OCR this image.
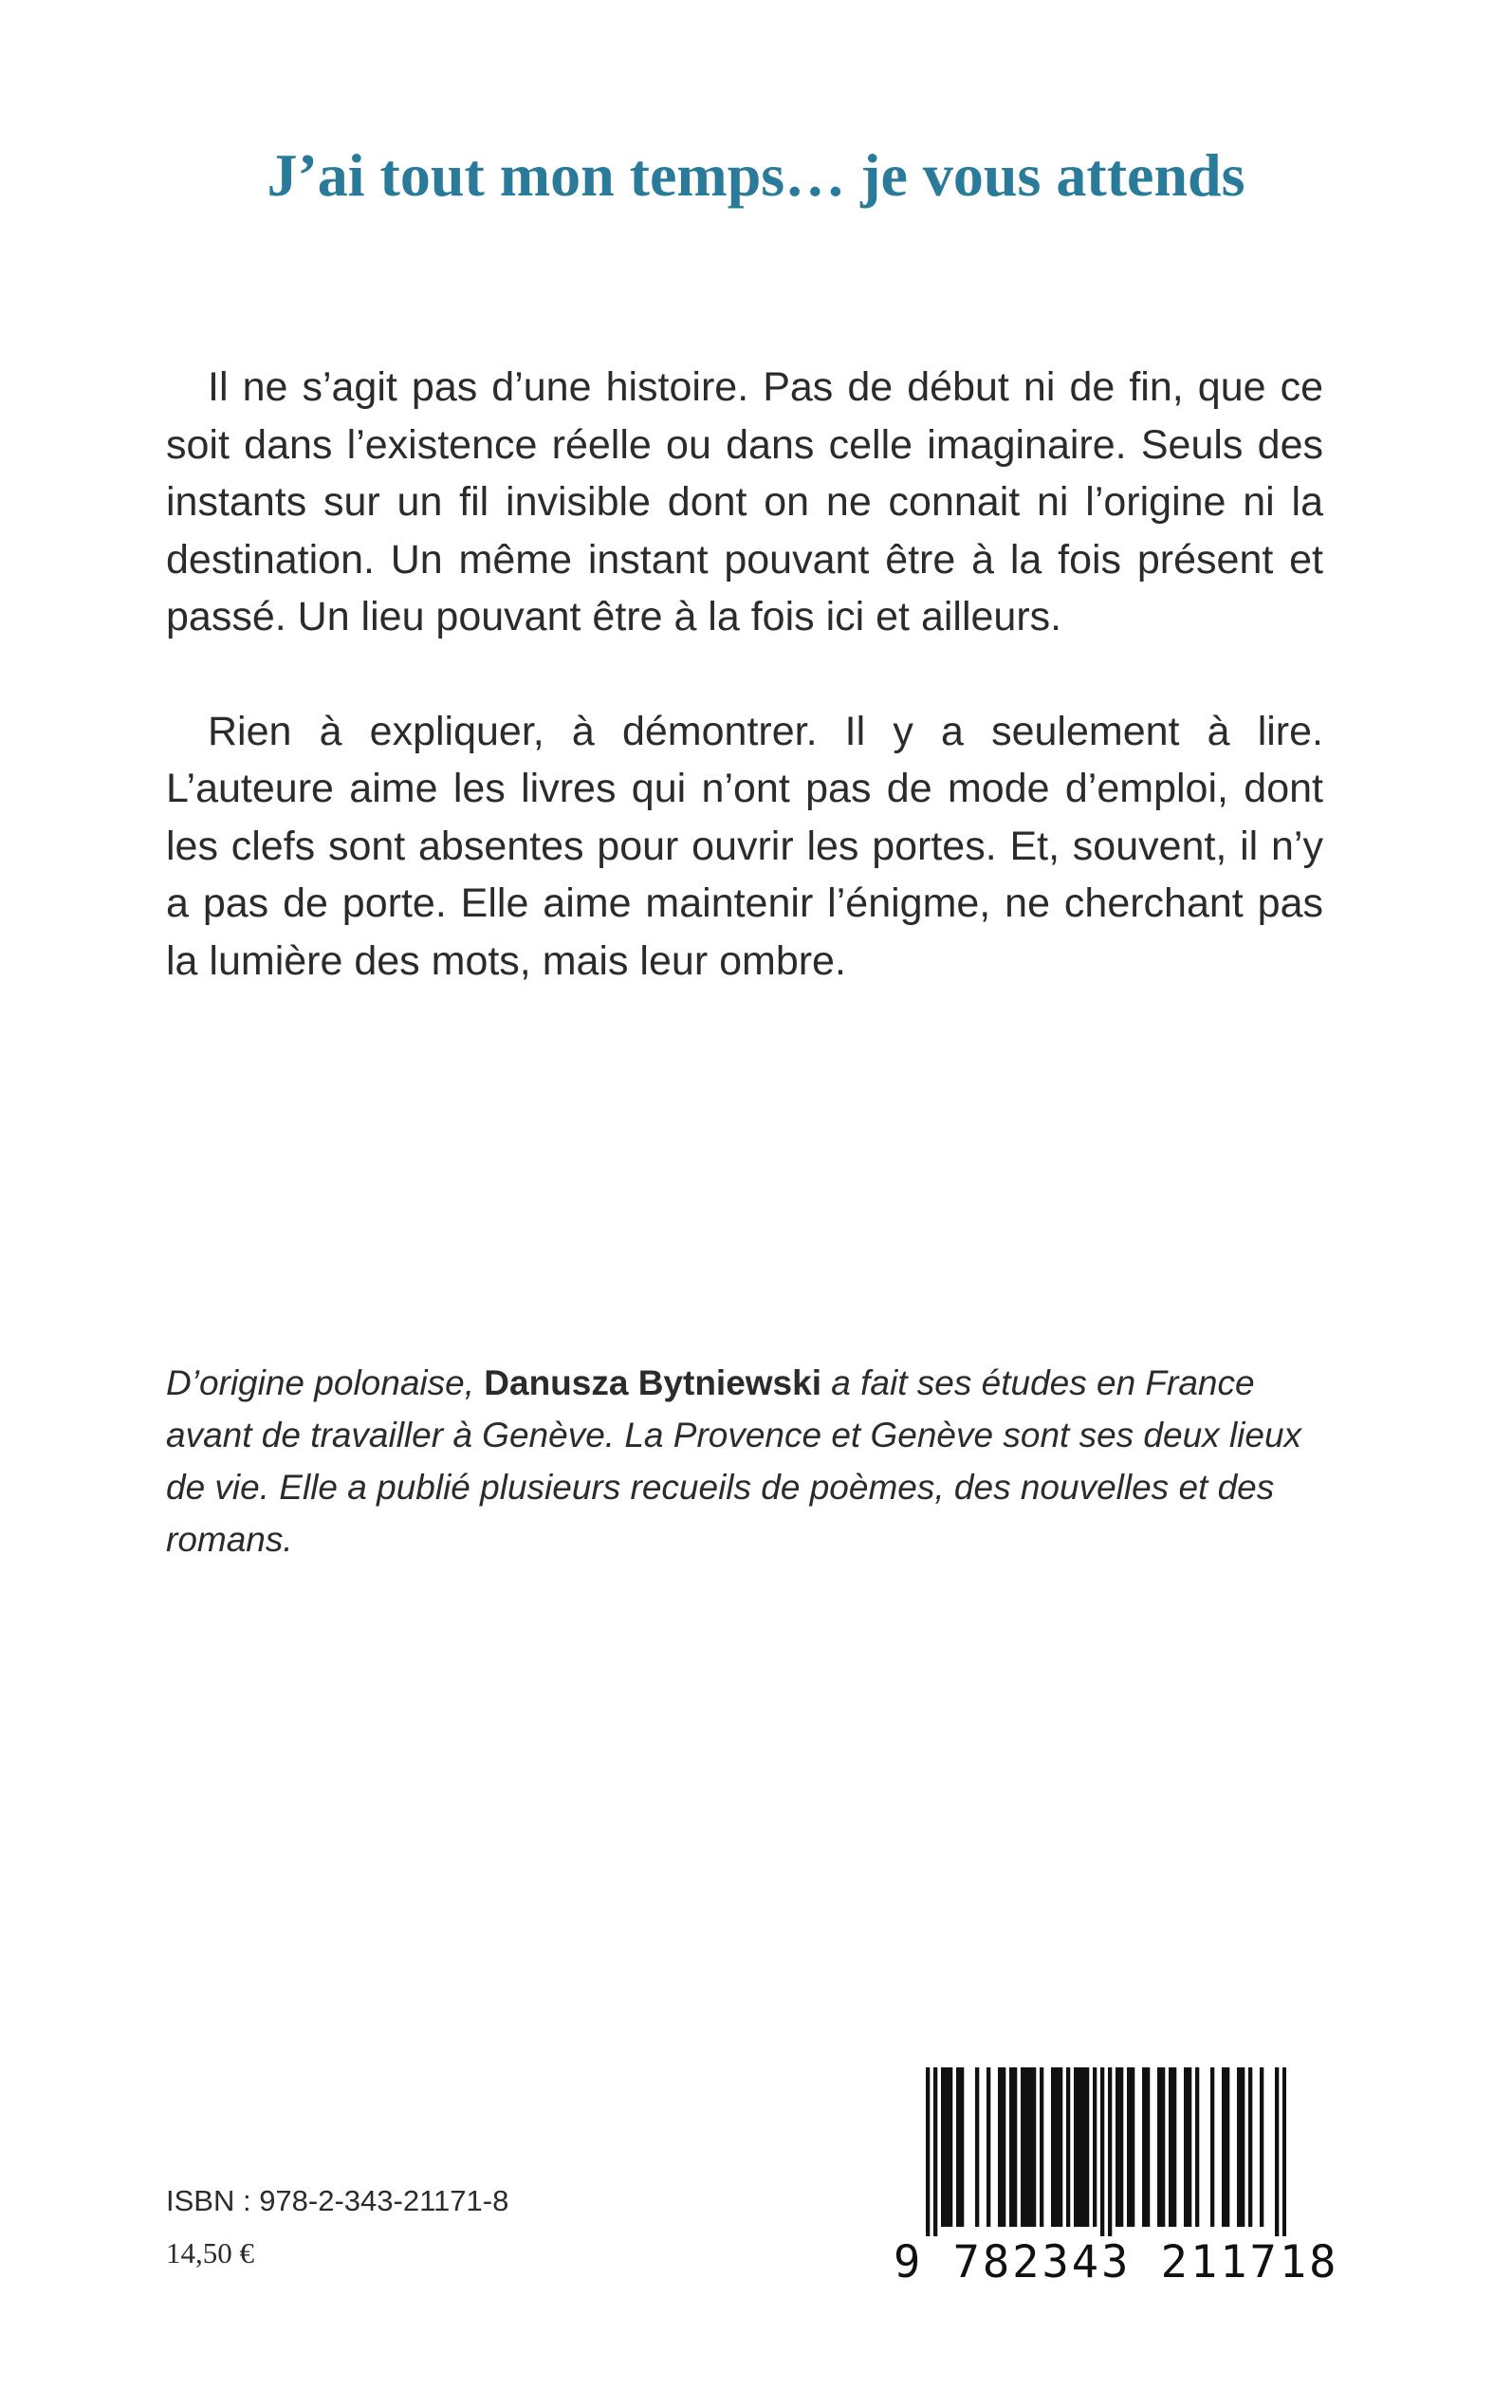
J’ai tout mon temps… je vous attends

Il ne s’agit pas d’une histoire. Pas de début ni de fin, que ce soit dans l’existence réelle ou dans celle imaginaire. Seuls des instants sur un fil invisible dont on ne connait ni l’origine ni la destination. Un même instant pouvant être à la fois présent et passé. Un lieu pouvant être à la fois ici et ailleurs.

Rien à expliquer, à démontrer. Il y a seulement à lire. L’auteure aime les livres qui n’ont pas de mode d’emploi, dont les clefs sont absentes pour ouvrir les portes. Et, souvent, il n’y a pas de porte. Elle aime maintenir l’énigme, ne cherchant pas la lumière des mots, mais leur ombre.

D’origine polonaise, Danusza Bytniewski a fait ses études en France avant de travailler à Genève. La Provence et Genève sont ses deux lieux de vie. Elle a publié plusieurs recueils de poèmes, des nouvelles et des romans.

ISBN : 978-2-343-21171-8
14,50 €	9 782343 211718
